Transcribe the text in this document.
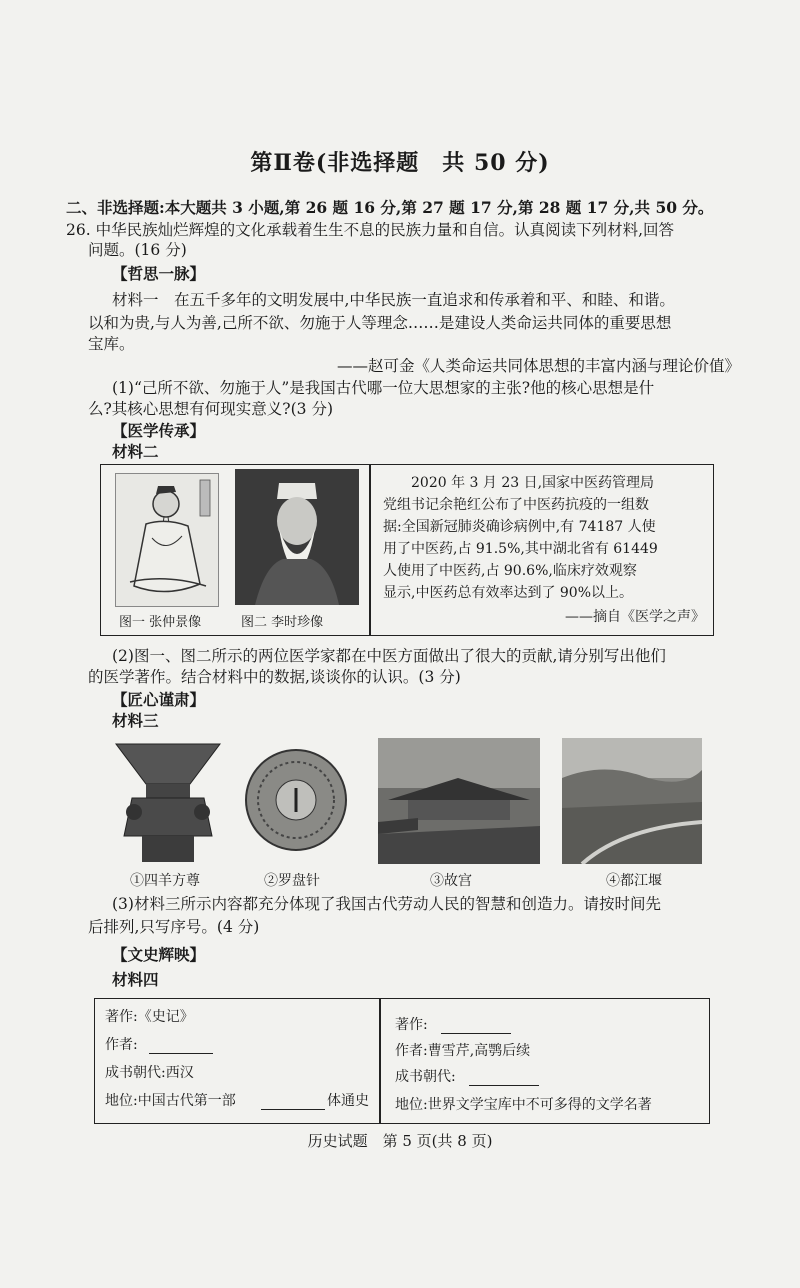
第Ⅱ卷(非选择题　共 50 分)
二、非选择题:本大题共 3 小题,第 26 题 16 分,第 27 题 17 分,第 28 题 17 分,共 50 分。
26. 中华民族灿烂辉煌的文化承载着生生不息的民族力量和自信。认真阅读下列材料,回答
问题。(16 分)
【哲思一脉】
材料一　在五千多年的文明发展中,中华民族一直追求和传承着和平、和睦、和谐。
以和为贵,与人为善,己所不欲、勿施于人等理念……是建设人类命运共同体的重要思想
宝库。
——赵可金《人类命运共同体思想的丰富内涵与理论价值》
(1)“己所不欲、勿施于人”是我国古代哪一位大思想家的主张?他的核心思想是什
么?其核心思想有何现实意义?(3 分)
【医学传承】
材料二
图一 张仲景像	图二 李时珍像
2020 年 3 月 23 日,国家中医药管理局
党组书记余艳红公布了中医药抗疫的一组数
据:全国新冠肺炎确诊病例中,有 74187 人使
用了中医药,占 91.5%,其中湖北省有 61449
人使用了中医药,占 90.6%,临床疗效观察
显示,中医药总有效率达到了 90%以上。
——摘自《医学之声》
(2)图一、图二所示的两位医学家都在中医方面做出了很大的贡献,请分别写出他们
的医学著作。结合材料中的数据,谈谈你的认识。(3 分)
【匠心谨肃】
材料三
①四羊方尊	②罗盘针	③故宫	④都江堰
(3)材料三所示内容都充分体现了我国古代劳动人民的智慧和创造力。请按时间先
后排列,只写序号。(4 分)
【文史辉映】
材料四
著作:《史记》
作者:
成书朝代:西汉
地位:中国古代第一部	体通史
著作:
作者:曹雪芹,高鹗后续
成书朝代:
地位:世界文学宝库中不可多得的文学名著
历史试题　第 5 页(共 8 页)
